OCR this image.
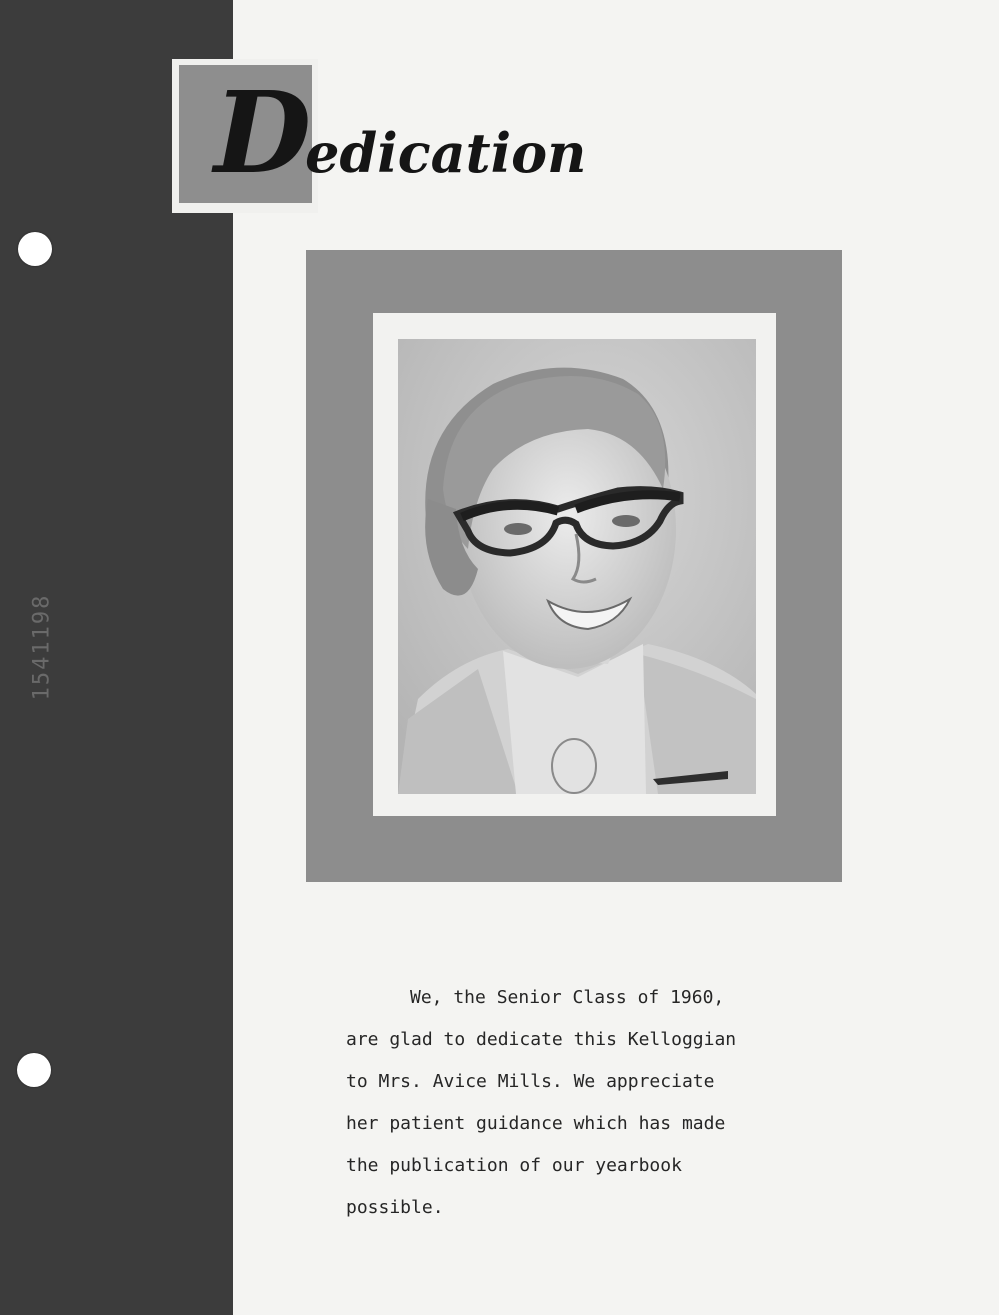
1541198
Dedication

We, the Senior Class of 1960,

are glad to dedicate this Kelloggian

to Mrs. Avice Mills. We appreciate

her patient guidance which has made

the publication of our yearbook

possible.
